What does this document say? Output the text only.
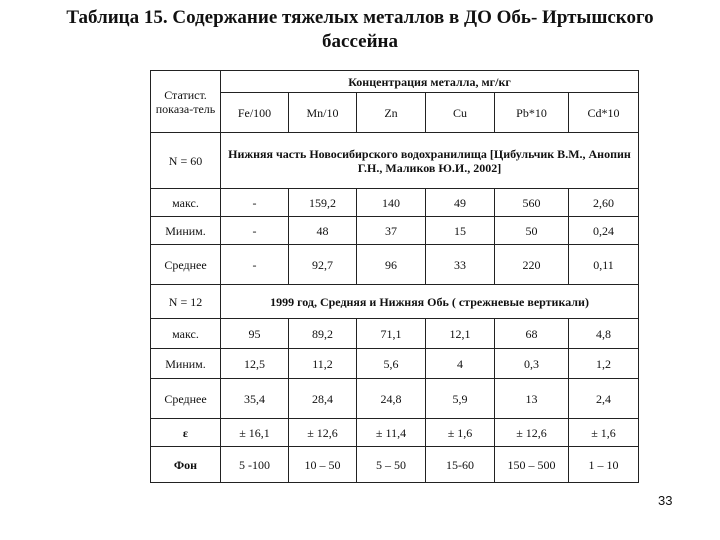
Таблица 15. Содержание тяжелых металлов в ДО Обь- Иртышского
бассейна
Статист. показа-тель	Концентрация металла, мг/кг					
	Fe/100	Mn/10	Zn	Cu	Pb*10	Cd*10
N = 60	Нижняя часть Новосибирского водохранилища [Цибульчик В.М., Анопин Г.Н., Маликов Ю.И., 2002]					
макс.	-	159,2	140	49	560	2,60
Миним.	-	48	37	15	50	0,24
Среднее	-	92,7	96	33	220	0,11
N = 12	1999 год, Средняя и Нижняя Обь ( стрежневые вертикали)					
макс.	95	89,2	71,1	12,1	68	4,8
Миним.	12,5	11,2	5,6	4	0,3	1,2
Среднее	35,4	28,4	24,8	5,9	13	2,4
ε	± 16,1	± 12,6	± 11,4	± 1,6	± 12,6	± 1,6
Фон	5 -100	10 – 50	5 – 50	15-60	150 – 500	1 – 10
33
